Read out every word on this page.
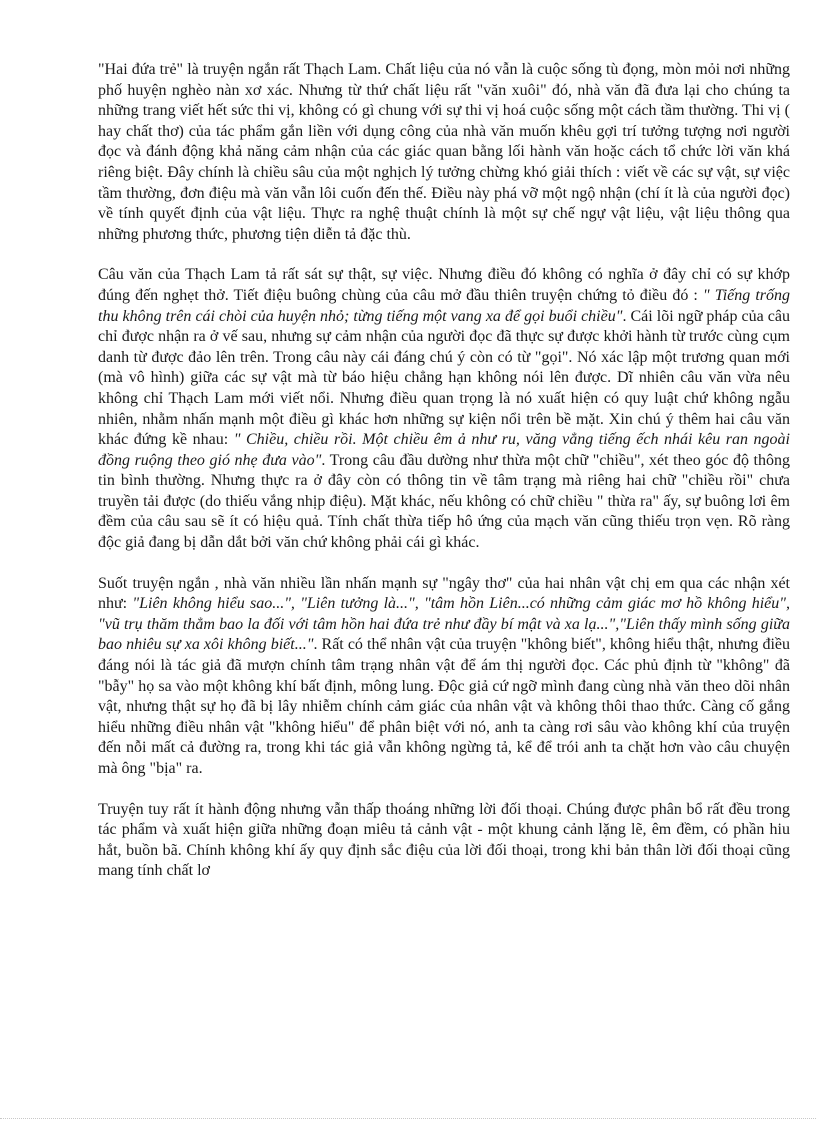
"Hai đứa trẻ" là truyện ngắn rất Thạch Lam. Chất liệu của nó vẫn là cuộc sống tù đọng, mòn mỏi nơi những phố huyện nghèo nàn xơ xác. Nhưng từ thứ chất liệu rất "văn xuôi" đó, nhà văn đã đưa lại cho chúng ta những trang viết hết sức thi vị, không có gì chung với sự thi vị hoá cuộc sống một cách tầm thường. Thi vị ( hay chất thơ) của tác phẩm gắn liền với dụng công của nhà văn muốn khêu gợi trí tưởng tượng nơi người đọc và đánh động khả năng cảm nhận của các giác quan bằng lối hành văn hoặc cách tổ chức lời văn khá riêng biệt. Đây chính là chiều sâu của một nghịch lý tưởng chừng khó giải thích : viết về các sự vật, sự việc tầm thường, đơn điệu mà văn vẫn lôi cuốn đến thế. Điều này phá vỡ một ngộ nhận (chí ít là của người đọc) về tính quyết định của vật liệu. Thực ra nghệ thuật chính là một sự chế ngự vật liệu, vật liệu thông qua những phương thức, phương tiện diễn tả đặc thù.

Câu văn của Thạch Lam tả rất sát sự thật, sự việc. Nhưng điều đó không có nghĩa ở đây chỉ có sự khớp đúng đến nghẹt thở. Tiết điệu buông chùng của câu mở đầu thiên truyện chứng tỏ điều đó : " Tiếng trống thu không trên cái chòi của huyện nhỏ; từng tiếng một vang xa để gọi buổi chiều". Cái lõi ngữ pháp của câu chỉ được nhận ra ở vế sau, nhưng sự cảm nhận của người đọc đã thực sự được khởi hành từ trước cùng cụm danh từ được đảo lên trên. Trong câu này cái đáng chú ý còn có từ "gọi". Nó xác lập một trương quan mới (mà vô hình) giữa các sự vật mà từ báo hiệu chẳng hạn không nói lên được. Dĩ nhiên câu văn vừa nêu không chỉ Thạch Lam mới viết nổi. Nhưng điều quan trọng là nó xuất hiện có quy luật chứ không ngẫu nhiên, nhằm nhấn mạnh một điều gì khác hơn những sự kiện nổi trên bề mặt. Xin chú ý thêm hai câu văn khác đứng kề nhau: " Chiều, chiều rồi. Một chiều êm ả như ru, văng vẳng tiếng ếch nhái kêu ran ngoài đồng ruộng theo gió nhẹ đưa vào". Trong câu đầu dường như thừa một chữ "chiều", xét theo góc độ thông tin bình thường. Nhưng thực ra ở đây còn có thông tin về tâm trạng mà riêng hai chữ "chiều rồi" chưa truyền tải được (do thiếu vắng nhịp điệu). Mặt khác, nếu không có chữ chiều " thừa ra" ấy, sự buông lơi êm đềm của câu sau sẽ ít có hiệu quả. Tính chất thừa tiếp hô ứng của mạch văn cũng thiếu trọn vẹn. Rõ ràng độc giả đang bị dẫn dắt bởi văn chứ không phải cái gì khác.

Suốt truyện ngắn , nhà văn nhiều lần nhấn mạnh sự "ngây thơ" của hai nhân vật chị em qua các nhận xét như: "Liên không hiểu sao...", "Liên tưởng là...", "tâm hồn Liên...có những cảm giác mơ hồ không hiểu", "vũ trụ thăm thẳm bao la đối với tâm hồn hai đứa trẻ như đầy bí mật và xa lạ...","Liên thấy mình sống giữa bao nhiêu sự xa xôi không biết...". Rất có thể nhân vật của truyện "không biết", không hiểu thật, nhưng điều đáng nói là tác giả đã mượn chính tâm trạng nhân vật để ám thị người đọc. Các phủ định từ "không" đã "bẫy" họ sa vào một không khí bất định, mông lung. Độc giả cứ ngỡ mình đang cùng nhà văn theo dõi nhân vật, nhưng thật sự họ đã bị lây nhiễm chính cảm giác của nhân vật và không thôi thao thức. Càng cố gắng hiểu những điều nhân vật "không hiểu" để phân biệt với nó, anh ta càng rơi sâu vào không khí của truyện đến nỗi mất cả đường ra, trong khi tác giả vẫn không ngừng tả, kể để trói anh ta chặt hơn vào câu chuyện mà ông "bịa" ra.

Truyện tuy rất ít hành động nhưng vẫn thấp thoáng những lời đối thoại. Chúng được phân bổ rất đều trong tác phẩm và xuất hiện giữa những đoạn miêu tả cảnh vật - một khung cảnh lặng lẽ, êm đềm, có phần hiu hắt, buồn bã. Chính không khí ấy quy định sắc điệu của lời đối thoại, trong khi bản thân lời đối thoại cũng mang tính chất lơ
